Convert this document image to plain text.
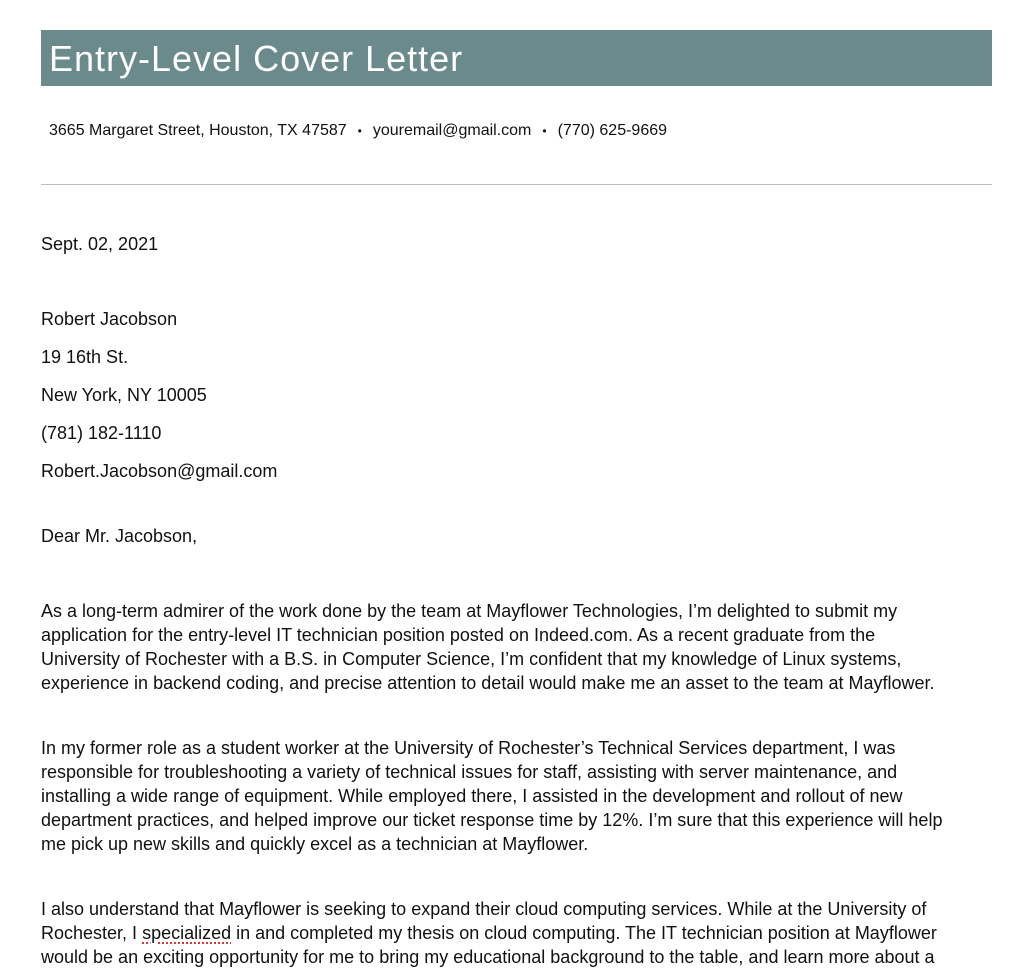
Entry-Level Cover Letter
3665 Margaret Street, Houston, TX 47587 • youremail@gmail.com • (770) 625-9669
Sept. 02, 2021
Robert Jacobson
19 16th St.
New York, NY 10005
(781) 182-1110
Robert.Jacobson@gmail.com
Dear Mr. Jacobson,
As a long-term admirer of the work done by the team at Mayflower Technologies, I’m delighted to submit my
application for the entry-level IT technician position posted on Indeed.com. As a recent graduate from the
University of Rochester with a B.S. in Computer Science, I’m confident that my knowledge of Linux systems,
experience in backend coding, and precise attention to detail would make me an asset to the team at Mayflower.
In my former role as a student worker at the University of Rochester’s Technical Services department, I was
responsible for troubleshooting a variety of technical issues for staff, assisting with server maintenance, and
installing a wide range of equipment. While employed there, I assisted in the development and rollout of new
department practices, and helped improve our ticket response time by 12%. I’m sure that this experience will help
me pick up new skills and quickly excel as a technician at Mayflower.
I also understand that Mayflower is seeking to expand their cloud computing services. While at the University of
Rochester, I specialized in and completed my thesis on cloud computing. The IT technician position at Mayflower
would be an exciting opportunity for me to bring my educational background to the table, and learn more about a
